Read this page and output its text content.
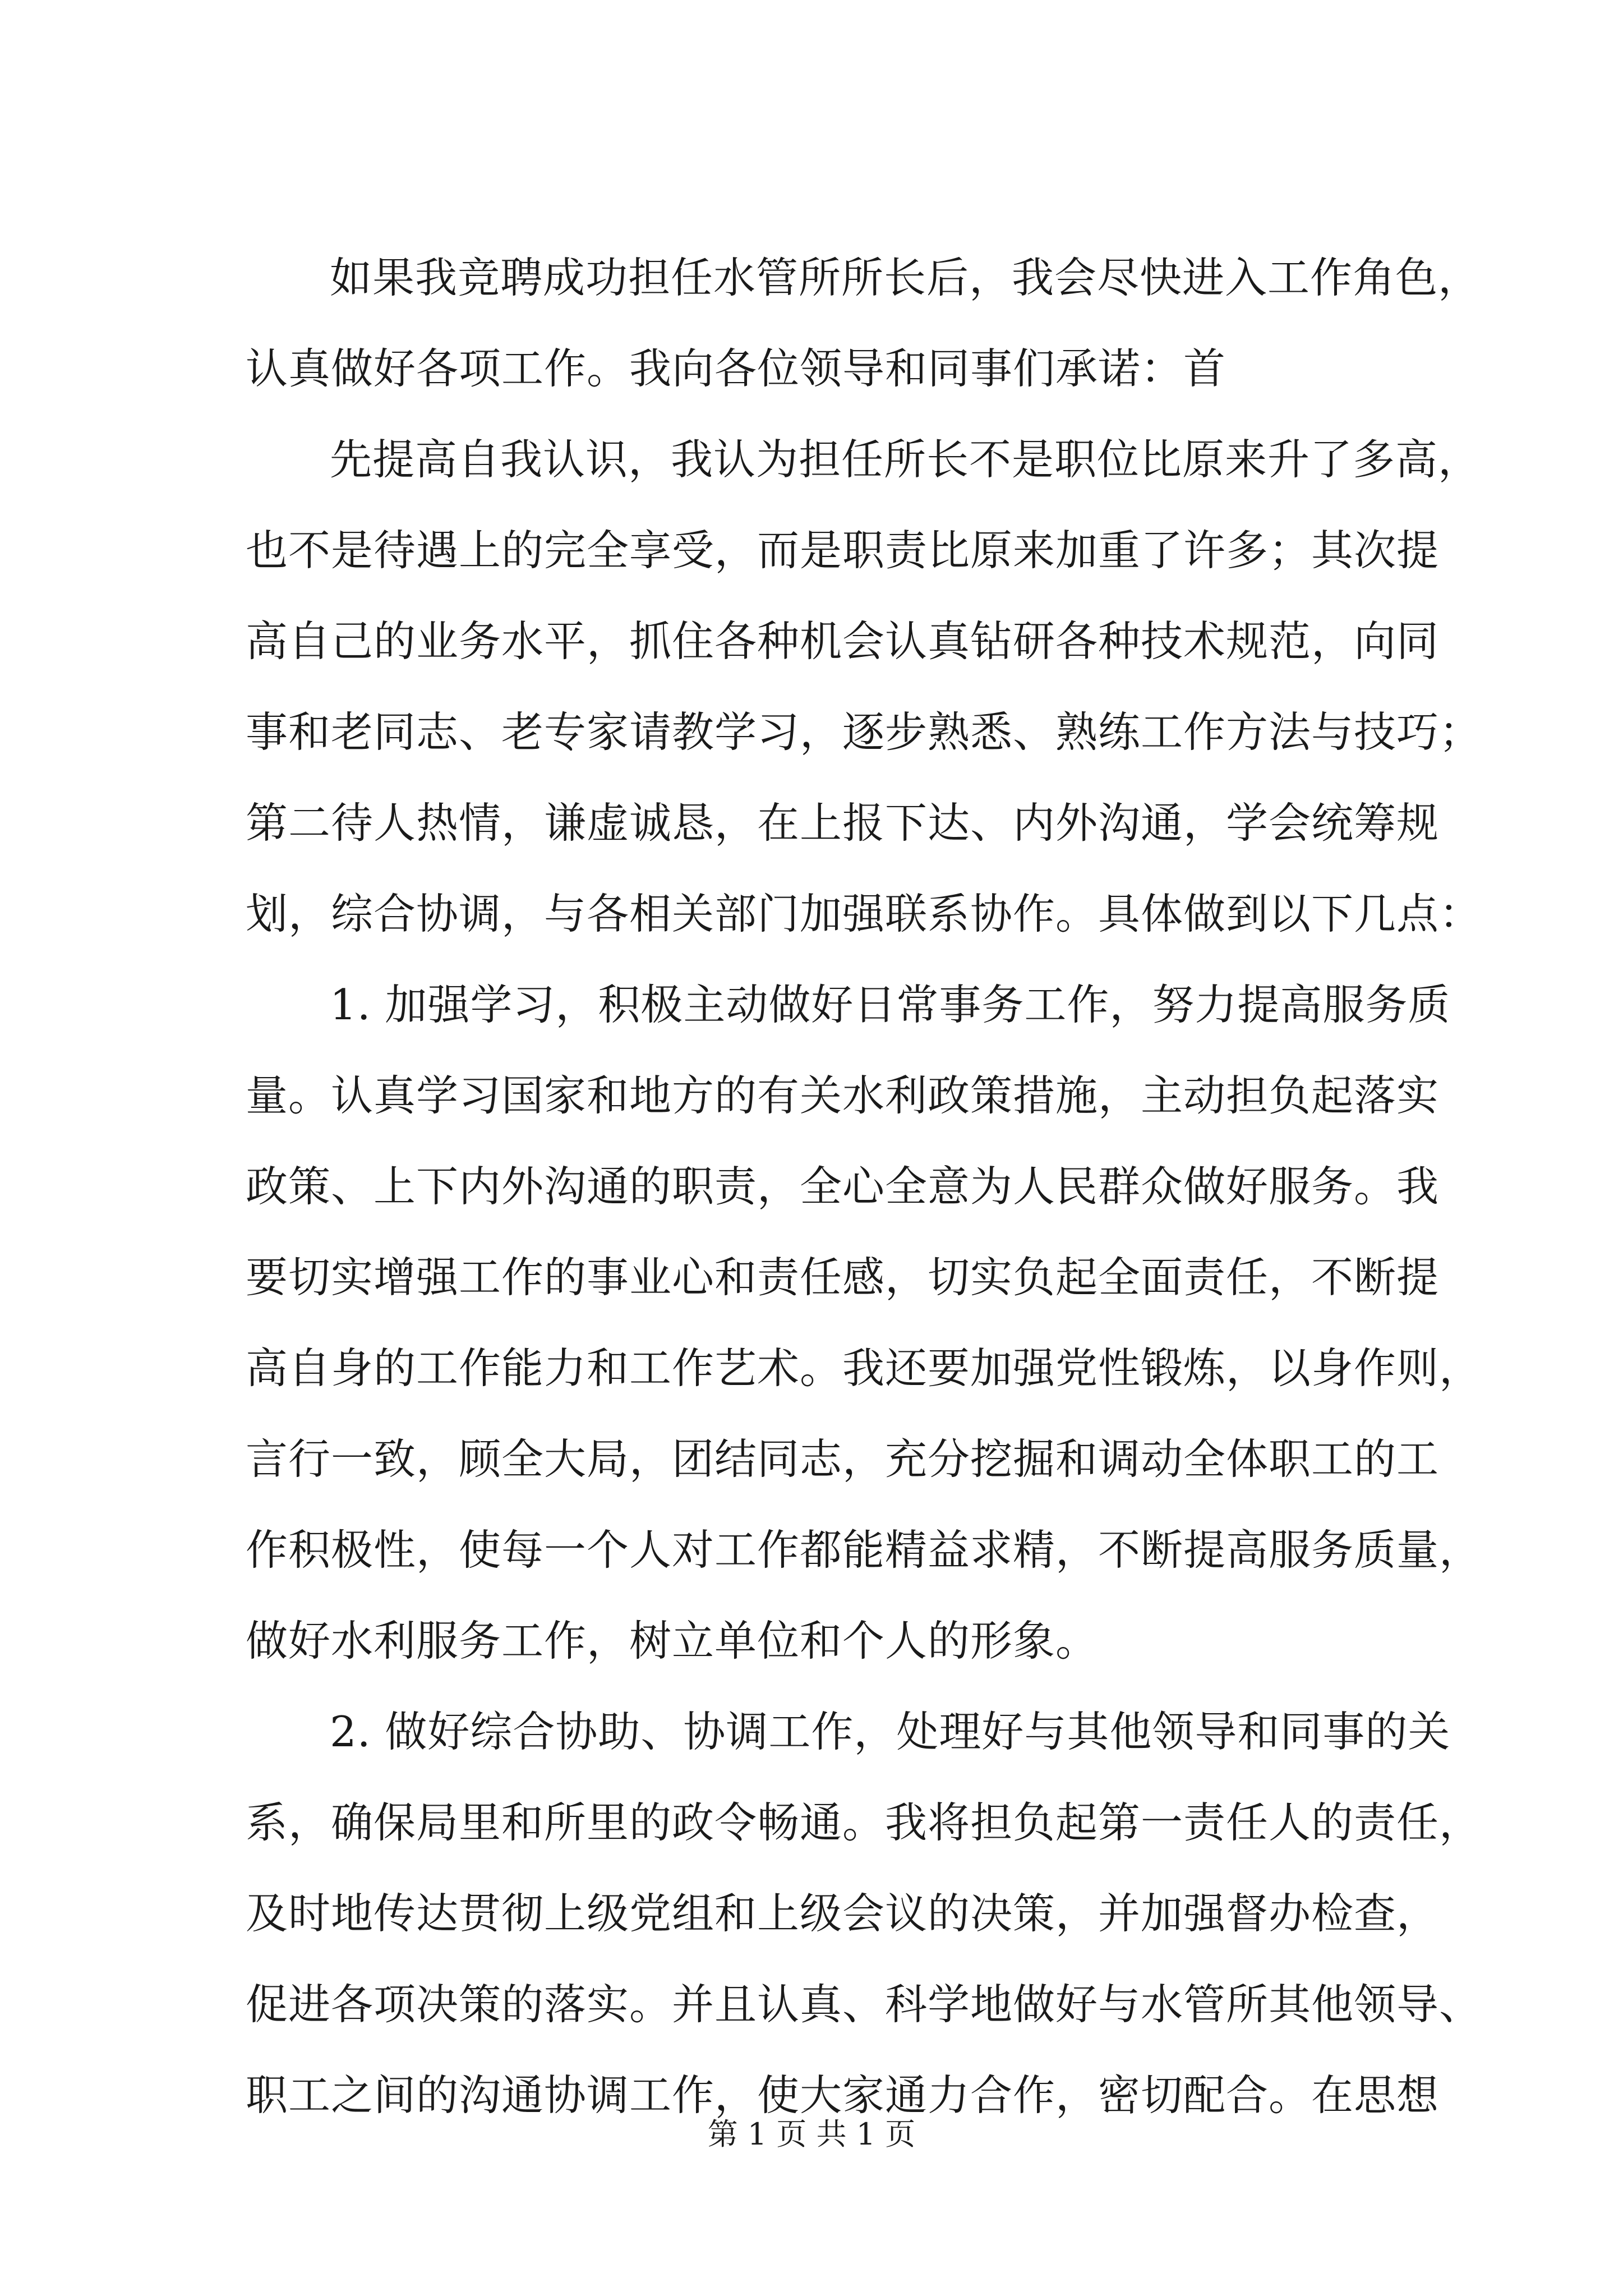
如果我竞聘成功担任水管所所长后，我会尽快进入工作角色，
认真做好各项工作。我向各位领导和同事们承诺：首
先提高自我认识，我认为担任所长不是职位比原来升了多高，
也不是待遇上的完全享受，而是职责比原来加重了许多；其次提
高自己的业务水平，抓住各种机会认真钻研各种技术规范，向同
事和老同志、老专家请教学习，逐步熟悉、熟练工作方法与技巧；
第二待人热情，谦虚诚恳，在上报下达、内外沟通，学会统筹规
划，综合协调，与各相关部门加强联系协作。具体做到以下几点：
1. 加强学习，积极主动做好日常事务工作，努力提高服务质
量。认真学习国家和地方的有关水利政策措施，主动担负起落实
政策、上下内外沟通的职责，全心全意为人民群众做好服务。我
要切实增强工作的事业心和责任感，切实负起全面责任，不断提
高自身的工作能力和工作艺术。我还要加强党性锻炼，以身作则，
言行一致，顾全大局，团结同志，充分挖掘和调动全体职工的工
作积极性，使每一个人对工作都能精益求精，不断提高服务质量，
做好水利服务工作，树立单位和个人的形象。
2. 做好综合协助、协调工作，处理好与其他领导和同事的关
系，确保局里和所里的政令畅通。我将担负起第一责任人的责任，
及时地传达贯彻上级党组和上级会议的决策，并加强督办检查，
促进各项决策的落实。并且认真、科学地做好与水管所其他领导、
职工之间的沟通协调工作，使大家通力合作，密切配合。在思想
第 1 页 共 1 页
